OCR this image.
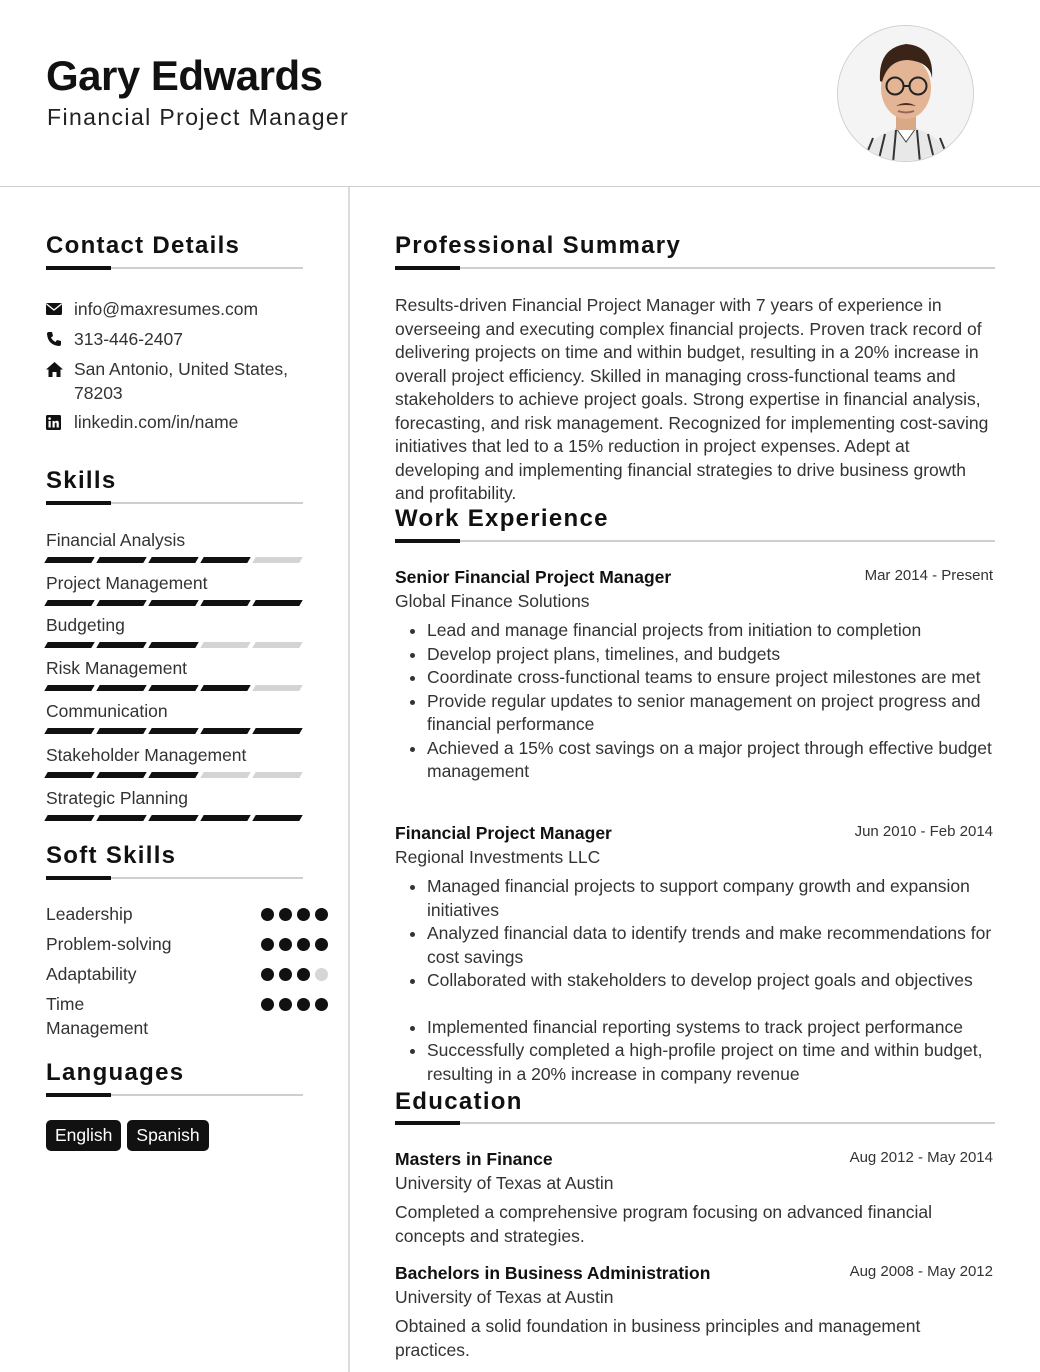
Gary Edwards
Financial Project Manager
Contact Details
info@maxresumes.com
313-446-2407
San Antonio, United States, 78203
linkedin.com/in/name
Skills
Financial Analysis
Project Management
Budgeting
Risk Management
Communication
Stakeholder Management
Strategic Planning
Soft Skills
Leadership
Problem-solving
Adaptability
Time Management
Languages
English	Spanish
Professional Summary
Results-driven Financial Project Manager with 7 years of experience in overseeing and executing complex financial projects. Proven track record of delivering projects on time and within budget, resulting in a 20% increase in overall project efficiency. Skilled in managing cross-functional teams and stakeholders to achieve project goals. Strong expertise in financial analysis, forecasting, and risk management. Recognized for implementing cost-saving initiatives that led to a 15% reduction in project expenses. Adept at developing and implementing financial strategies to drive business growth and profitability.
Work Experience
Senior Financial Project Manager	Mar 2014 - Present
Global Finance Solutions
• Lead and manage financial projects from initiation to completion
• Develop project plans, timelines, and budgets
• Coordinate cross-functional teams to ensure project milestones are met
• Provide regular updates to senior management on project progress and financial performance
• Achieved a 15% cost savings on a major project through effective budget management
Financial Project Manager	Jun 2010 - Feb 2014
Regional Investments LLC
• Managed financial projects to support company growth and expansion initiatives
• Analyzed financial data to identify trends and make recommendations for cost savings
• Collaborated with stakeholders to develop project goals and objectives
• Implemented financial reporting systems to track project performance
• Successfully completed a high-profile project on time and within budget, resulting in a 20% increase in company revenue
Education
Masters in Finance	Aug 2012 - May 2014
University of Texas at Austin
Completed a comprehensive program focusing on advanced financial concepts and strategies.
Bachelors in Business Administration	Aug 2008 - May 2012
University of Texas at Austin
Obtained a solid foundation in business principles and management practices.
